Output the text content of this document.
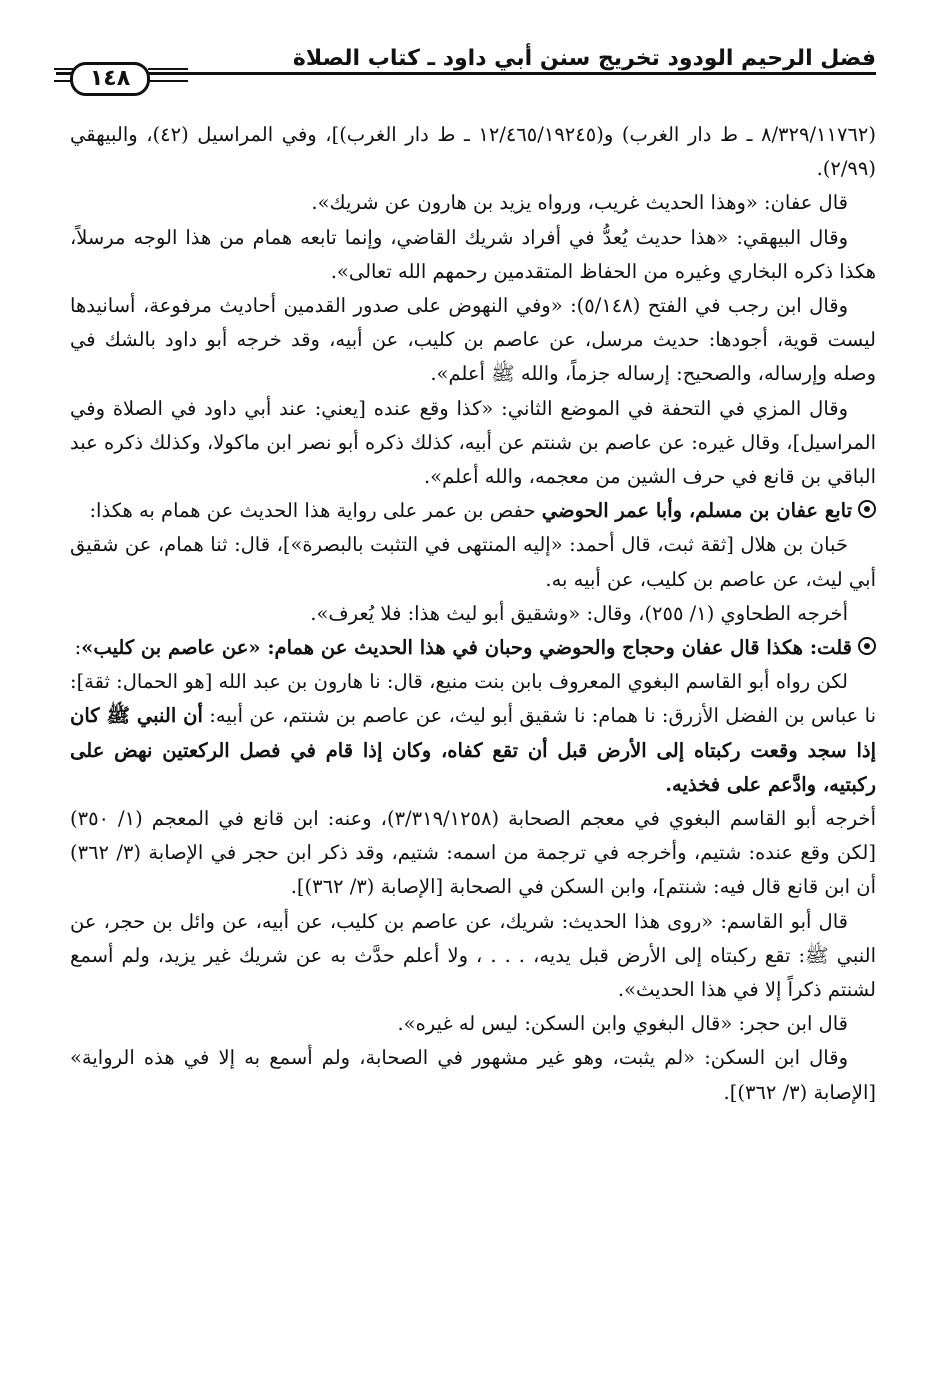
١٤٨
فضل الرحيم الودود تخريج سنن أبي داود ـ كتاب الصلاة

(٨/٣٢٩/١١٧٦٢ ـ ط دار الغرب) و(١٢/٤٦٥/١٩٢٤٥ ـ ط دار الغرب)]، وفي المراسيل (٤٢)، والبيهقي (٢/٩٩).

قال عفان: «وهذا الحديث غريب، ورواه يزيد بن هارون عن شريك».

وقال البيهقي: «هذا حديث يُعدُّ في أفراد شريك القاضي، وإنما تابعه همام من هذا الوجه مرسلاً، هكذا ذكره البخاري وغيره من الحفاظ المتقدمين رحمهم الله تعالى».

وقال ابن رجب في الفتح (٥/١٤٨): «وفي النهوض على صدور القدمين أحاديث مرفوعة، أسانيدها ليست قوية، أجودها: حديث مرسل، عن عاصم بن كليب، عن أبيه، وقد خرجه أبو داود بالشك في وصله وإرساله، والصحيح: إرساله جزماً، والله ﷺ أعلم».

وقال المزي في التحفة في الموضع الثاني: «كذا وقع عنده [يعني: عند أبي داود في الصلاة وفي المراسيل]، وقال غيره: عن عاصم بن شنتم عن أبيه، كذلك ذكره أبو نصر ابن ماكولا، وكذلك ذكره عبد الباقي بن قانع في حرف الشين من معجمه، والله أعلم».

تابع عفان بن مسلم، وأبا عمر الحوضي حفص بن عمر على رواية هذا الحديث عن همام به هكذا:

حَبان بن هلال [ثقة ثبت، قال أحمد: «إليه المنتهى في التثبت بالبصرة»]، قال: ثنا همام، عن شقيق أبي ليث، عن عاصم بن كليب، عن أبيه به.

أخرجه الطحاوي (١/ ٢٥٥)، وقال: «وشقيق أبو ليث هذا: فلا يُعرف».

قلت: هكذا قال عفان وحجاج والحوضي وحبان في هذا الحديث عن همام: «عن عاصم بن كليب»:

لكن رواه أبو القاسم البغوي المعروف بابن بنت منيع، قال: نا هارون بن عبد الله [هو الحمال: ثقة]: نا عباس بن الفضل الأزرق: نا همام: نا شقيق أبو ليث، عن عاصم بن شنتم، عن أبيه: أن النبي ﷺ كان إذا سجد وقعت ركبتاه إلى الأرض قبل أن تقع كفاه، وكان إذا قام في فصل الركعتين نهض على ركبتيه، وادَّعم على فخذيه.

أخرجه أبو القاسم البغوي في معجم الصحابة (٣/٣١٩/١٢٥٨)، وعنه: ابن قانع في المعجم (١/ ٣٥٠) [لكن وقع عنده: شتيم، وأخرجه في ترجمة من اسمه: شتيم، وقد ذكر ابن حجر في الإصابة (٣/ ٣٦٢) أن ابن قانع قال فيه: شنتم]، وابن السكن في الصحابة [الإصابة (٣/ ٣٦٢)].

قال أبو القاسم: «روى هذا الحديث: شريك، عن عاصم بن كليب، عن أبيه، عن وائل بن حجر، عن النبي ﷺ: تقع ركبتاه إلى الأرض قبل يديه، . . . ، ولا أعلم حدَّث به عن شريك غير يزيد، ولم أسمع لشنتم ذكراً إلا في هذا الحديث».

قال ابن حجر: «قال البغوي وابن السكن: ليس له غيره».

وقال ابن السكن: «لم يثبت، وهو غير مشهور في الصحابة، ولم أسمع به إلا في هذه الرواية» [الإصابة (٣/ ٣٦٢)].
